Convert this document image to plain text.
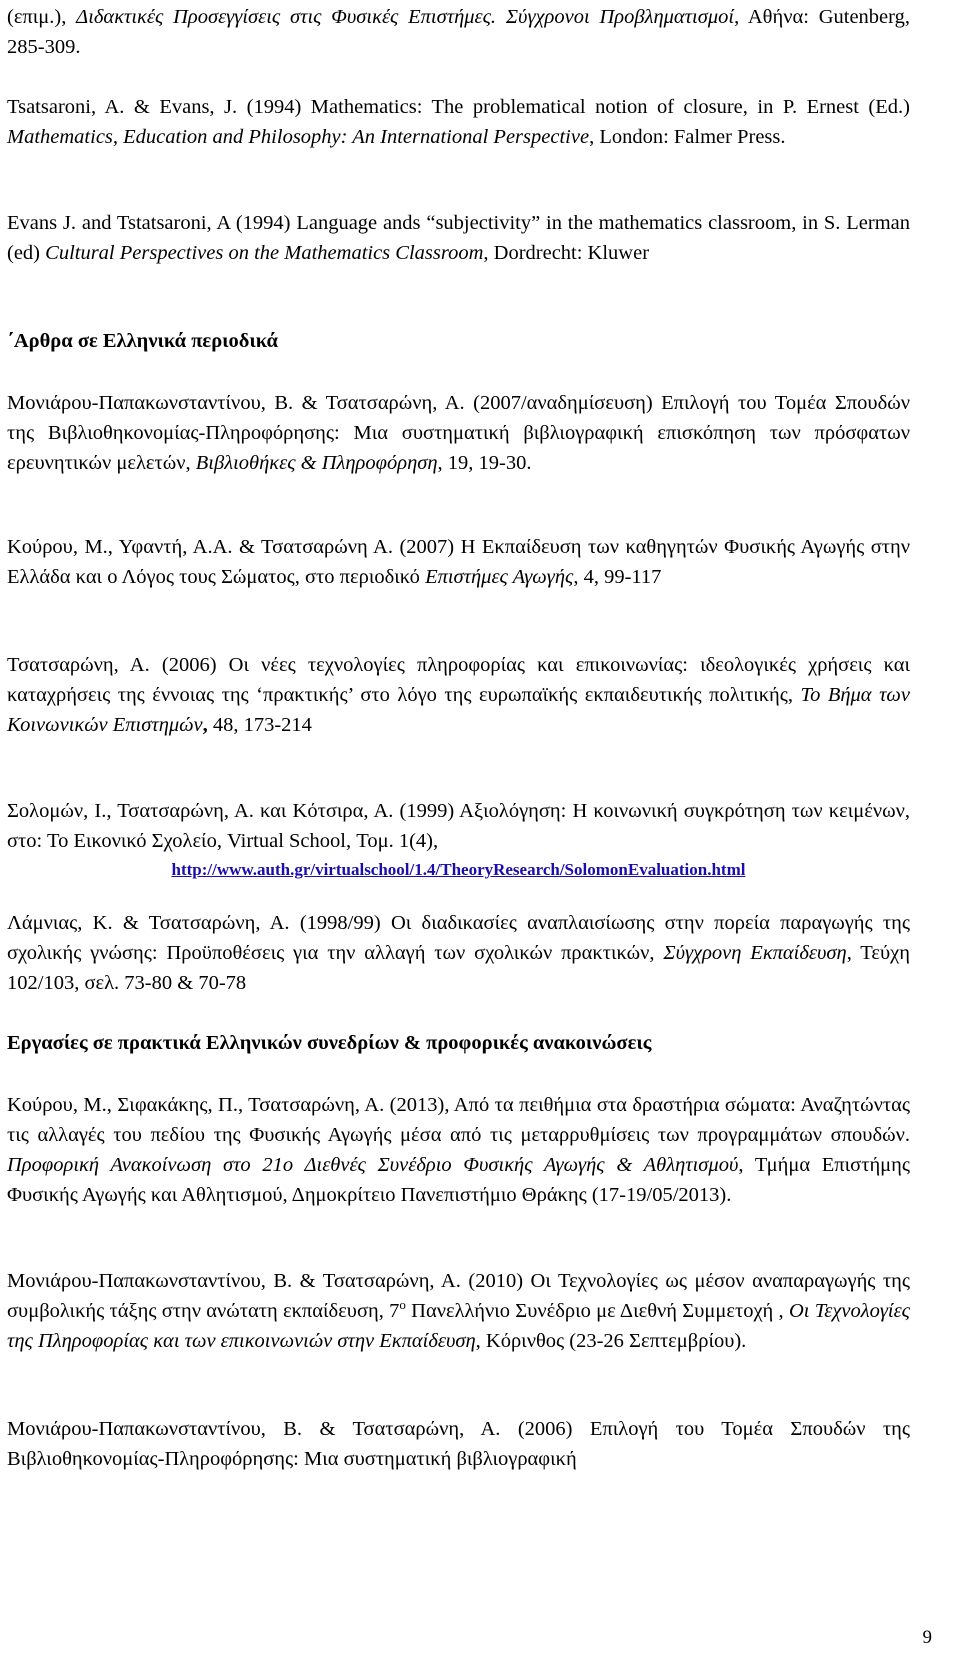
(επιμ.), Διδακτικές Προσεγγίσεις στις Φυσικές Επιστήμες. Σύγχρονοι Προβληματισμοί, Αθήνα: Gutenberg, 285-309.

Tsatsaroni, A. & Evans, J. (1994) Mathematics: The problematical notion of closure, in P. Ernest (Ed.) Mathematics, Education and Philosophy: An International Perspective, London: Falmer Press.

Evans J. and Tstatsaroni, A (1994) Language ands “subjectivity” in the mathematics classroom, in S. Lerman (ed) Cultural Perspectives on the Mathematics Classroom, Dordrecht: Kluwer

΄Αρθρα σε Ελληνικά περιοδικά

Μονιάρου-Παπακωνσταντίνου, Β. & Τσατσαρώνη, Α. (2007/αναδημίσευση) Επιλογή του Τομέα Σπουδών της Βιβλιοθηκονομίας-Πληροφόρησης: Μια συστηματική βιβλιογραφική επισκόπηση των πρόσφατων ερευνητικών μελετών, Βιβλιοθήκες & Πληροφόρηση, 19, 19-30.

Κούρου, Μ., Υφαντή, Α.Α. & Τσατσαρώνη Α. (2007) Η Εκπαίδευση των καθηγητών Φυσικής Αγωγής στην Ελλάδα και ο Λόγος τους Σώματος, στο περιοδικό Επιστήμες Αγωγής, 4, 99-117

Τσατσαρώνη, Α. (2006) Οι νέες τεχνολογίες πληροφορίας και επικοινωνίας: ιδεολογικές χρήσεις και καταχρήσεις της έννοιας της ‘πρακτικής’ στο λόγο της ευρωπαϊκής εκπαιδευτικής πολιτικής, Το Βήμα των Κοινωνικών Επιστημών, 48, 173-214

Σολομών, Ι., Τσατσαρώνη, Α. και Κότσιρα, Α. (1999) Αξιολόγηση: Η κοινωνική συγκρότηση των κειμένων, στο: Το Εικονικό Σχολείο, Virtual School, Τομ. 1(4),
http://www.auth.gr/virtualschool/1.4/TheoryResearch/SolomonEvaluation.html

Λάμνιας, Κ. & Τσατσαρώνη, Α. (1998/99) Οι διαδικασίες αναπλαισίωσης στην πορεία παραγωγής της σχολικής γνώσης: Προϋποθέσεις για την αλλαγή των σχολικών πρακτικών, Σύγχρονη Εκπαίδευση, Τεύχη 102/103, σελ. 73-80 & 70-78

Εργασίες σε πρακτικά Ελληνικών συνεδρίων & προφορικές ανακοινώσεις

Κούρου, Μ., Σιφακάκης, Π., Τσατσαρώνη, Α. (2013), Από τα πειθήμια στα δραστήρια σώματα: Αναζητώντας τις αλλαγές του πεδίου της Φυσικής Αγωγής μέσα από τις μεταρρυθμίσεις των προγραμμάτων σπουδών. Προφορική Ανακοίνωση στο 21ο Διεθνές Συνέδριο Φυσικής Αγωγής & Αθλητισμού, Τμήμα Επιστήμης Φυσικής Αγωγής και Αθλητισμού, Δημοκρίτειο Πανεπιστήμιο Θράκης (17-19/05/2013).

Μονιάρου-Παπακωνσταντίνου, Β. & Τσατσαρώνη, Α. (2010) Οι Τεχνολογίες ως μέσον αναπαραγωγής της συμβολικής τάξης στην ανώτατη εκπαίδευση, $7^o$ Πανελλήνιο Συνέδριο με Διεθνή Συμμετοχή , Οι Τεχνολογίες της Πληροφορίας και των επικοινωνιών στην Εκπαίδευση, Κόρινθος (23-26 Σεπτεμβρίου).

Μονιάρου-Παπακωνσταντίνου, Β. & Τσατσαρώνη, Α. (2006) Επιλογή του Τομέα Σπουδών της Βιβλιοθηκονομίας-Πληροφόρησης: Μια συστηματική βιβλιογραφική

9
